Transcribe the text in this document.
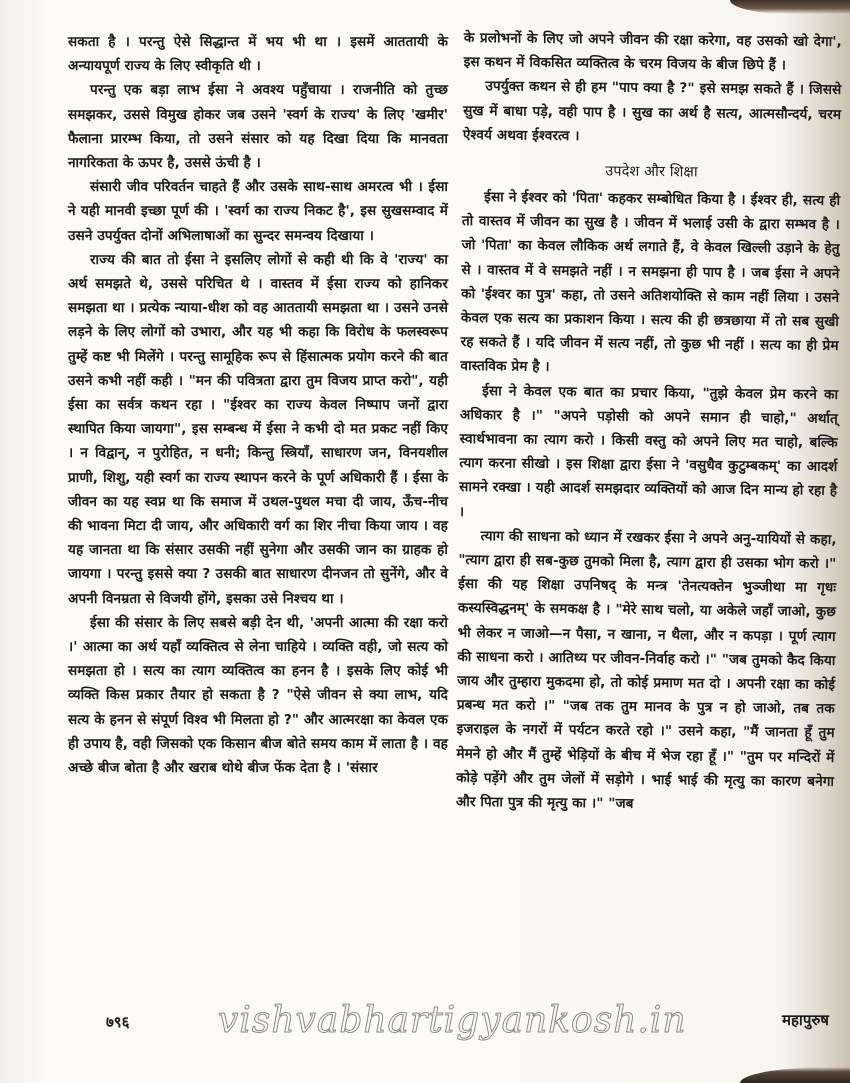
सकता है । परन्तु ऐसे सिद्धान्त में भय भी था । इसमें आततायी के अन्यायपूर्ण राज्य के लिए स्वीकृति थी ।

परन्तु एक बड़ा लाभ ईसा ने अवश्य पहुँचाया । राजनीति को तुच्छ समझकर, उससे विमुख होकर जब उसने 'स्वर्ग के राज्य' के लिए 'खमीर' फैलाना प्रारम्भ किया, तो उसने संसार को यह दिखा दिया कि मानवता नागरिकता के ऊपर है, उससे ऊंची है ।

संसारी जीव परिवर्तन चाहते हैं और उसके साथ-साथ अमरत्व भी । ईसा ने यही मानवी इच्छा पूर्ण की । 'स्वर्ग का राज्य निकट है', इस सुखसम्वाद में उसने उपर्युक्त दोनों अभिलाषाओं का सुन्दर समन्वय दिखाया ।

राज्य की बात तो ईसा ने इसलिए लोगों से कही थी कि वे 'राज्य' का अर्थ समझते थे, उससे परिचित थे । वास्तव में ईसा राज्य को हानिकर समझता था । प्रत्येक न्याया-धीश को वह आततायी समझता था । उसने उनसे लड़ने के लिए लोगों को उभारा, और यह भी कहा कि विरोध के फलस्वरूप तुम्हें कष्ट भी मिलेंगे । परन्तु सामूहिक रूप से हिंसात्मक प्रयोग करने की बात उसने कभी नहीं कही । "मन की पवित्रता द्वारा तुम विजय प्राप्त करो", यही ईसा का सर्वत्र कथन रहा । "ईश्वर का राज्य केवल निष्पाप जनों द्वारा स्थापित किया जायगा", इस सम्बन्ध में ईसा ने कभी दो मत प्रकट नहीं किए । न विद्वान्, न पुरोहित, न धनी; किन्तु स्त्रियाँ, साधारण जन, विनयशील प्राणी, शिशु, यही स्वर्ग का राज्य स्थापन करने के पूर्ण अधिकारी हैं । ईसा के जीवन का यह स्वप्न था कि समाज में उथल-पुथल मचा दी जाय, ऊँच-नीच की भावना मिटा दी जाय, और अधिकारी वर्ग का शिर नीचा किया जाय । वह यह जानता था कि संसार उसकी नहीं सुनेगा और उसकी जान का ग्राहक हो जायगा । परन्तु इससे क्या ? उसकी बात साधारण दीनजन तो सुनेंगे, और वे अपनी विनम्रता से विजयी होंगे, इसका उसे निश्चय था ।

ईसा की संसार के लिए सबसे बड़ी देन थी, 'अपनी आत्मा की रक्षा करो ।' आत्मा का अर्थ यहाँ व्यक्तित्व से लेना चाहिये । व्यक्ति वही, जो सत्य को समझता हो । सत्य का त्याग व्यक्तित्व का हनन है । इसके लिए कोई भी व्यक्ति किस प्रकार तैयार हो सकता है ? "ऐसे जीवन से क्या लाभ, यदि सत्य के हनन से संपूर्ण विश्व भी मिलता हो ?" और आत्मरक्षा का केवल एक ही उपाय है, वही जिसको एक किसान बीज बोते समय काम में लाता है । वह अच्छे बीज बोता है और खराब थोथे बीज फेंक देता है । 'संसार

के प्रलोभनों के लिए जो अपने जीवन की रक्षा करेगा, वह उसको खो देगा', इस कथन में विकसित व्यक्तित्व के चरम विजय के बीज छिपे हैं ।

उपर्युक्त कथन से ही हम "पाप क्या है ?" इसे समझ सकते हैं । जिससे सुख में बाधा पड़े, वही पाप है । सुख का अर्थ है सत्य, आत्मसौन्दर्य, चरम ऐश्वर्य अथवा ईश्वरत्व ।

उपदेश और शिक्षा

ईसा ने ईश्वर को 'पिता' कहकर सम्बोधित किया है । ईश्वर ही, सत्य ही तो वास्तव में जीवन का सुख है । जीवन में भलाई उसी के द्वारा सम्भव है । जो 'पिता' का केवल लौकिक अर्थ लगाते हैं, वे केवल खिल्ली उड़ाने के हेतु से । वास्तव में वे समझते नहीं । न समझना ही पाप है । जब ईसा ने अपने को 'ईश्वर का पुत्र' कहा, तो उसने अतिशयोक्ति से काम नहीं लिया । उसने केवल एक सत्य का प्रकाशन किया । सत्य की ही छत्रछाया में तो सब सुखी रह सकते हैं । यदि जीवन में सत्य नहीं, तो कुछ भी नहीं । सत्य का ही प्रेम वास्तविक प्रेम है ।

ईसा ने केवल एक बात का प्रचार किया, "तुझे केवल प्रेम करने का अधिकार है ।" "अपने पड़ोसी को अपने समान ही चाहो," अर्थात् स्वार्थभावना का त्याग करो । किसी वस्तु को अपने लिए मत चाहो, बल्कि त्याग करना सीखो । इस शिक्षा द्वारा ईसा ने 'वसुधैव कुटुम्बकम्' का आदर्श सामने रक्खा । यही आदर्श समझदार व्यक्तियों को आज दिन मान्य हो रहा है ।

त्याग की साधना को ध्यान में रखकर ईसा ने अपने अनु-यायियों से कहा, "त्याग द्वारा ही सब-कुछ तुमको मिला है, त्याग द्वारा ही उसका भोग करो ।" ईसा की यह शिक्षा उपनिषद् के मन्त्र 'तेनत्यक्तेन भुञ्जीथा मा गृधः कस्यस्विद्धनम्' के समकक्ष है । "मेरे साथ चलो, या अकेले जहाँ जाओ, कुछ भी लेकर न जाओ—न पैसा, न खाना, न थैला, और न कपड़ा । पूर्ण त्याग की साधना करो । आतिथ्य पर जीवन-निर्वाह करो ।" "जब तुमको कैद किया जाय और तुम्हारा मुकदमा हो, तो कोई प्रमाण मत दो । अपनी रक्षा का कोई प्रबन्ध मत करो ।" "जब तक तुम मानव के पुत्र न हो जाओ, तब तक इजराइल के नगरों में पर्यटन करते रहो ।" उसने कहा, "मैं जानता हूँ तुम मेमने हो और मैं तुम्हें भेड़ियों के बीच में भेज रहा हूँ ।" "तुम पर मन्दिरों में कोड़े पड़ेंगे और तुम जेलों में सड़ोगे । भाई भाई की मृत्यु का कारण बनेगा और पिता पुत्र की मृत्यु का ।" "जब

७९६ vishvabhartigyankosh.in	महापुरुष
